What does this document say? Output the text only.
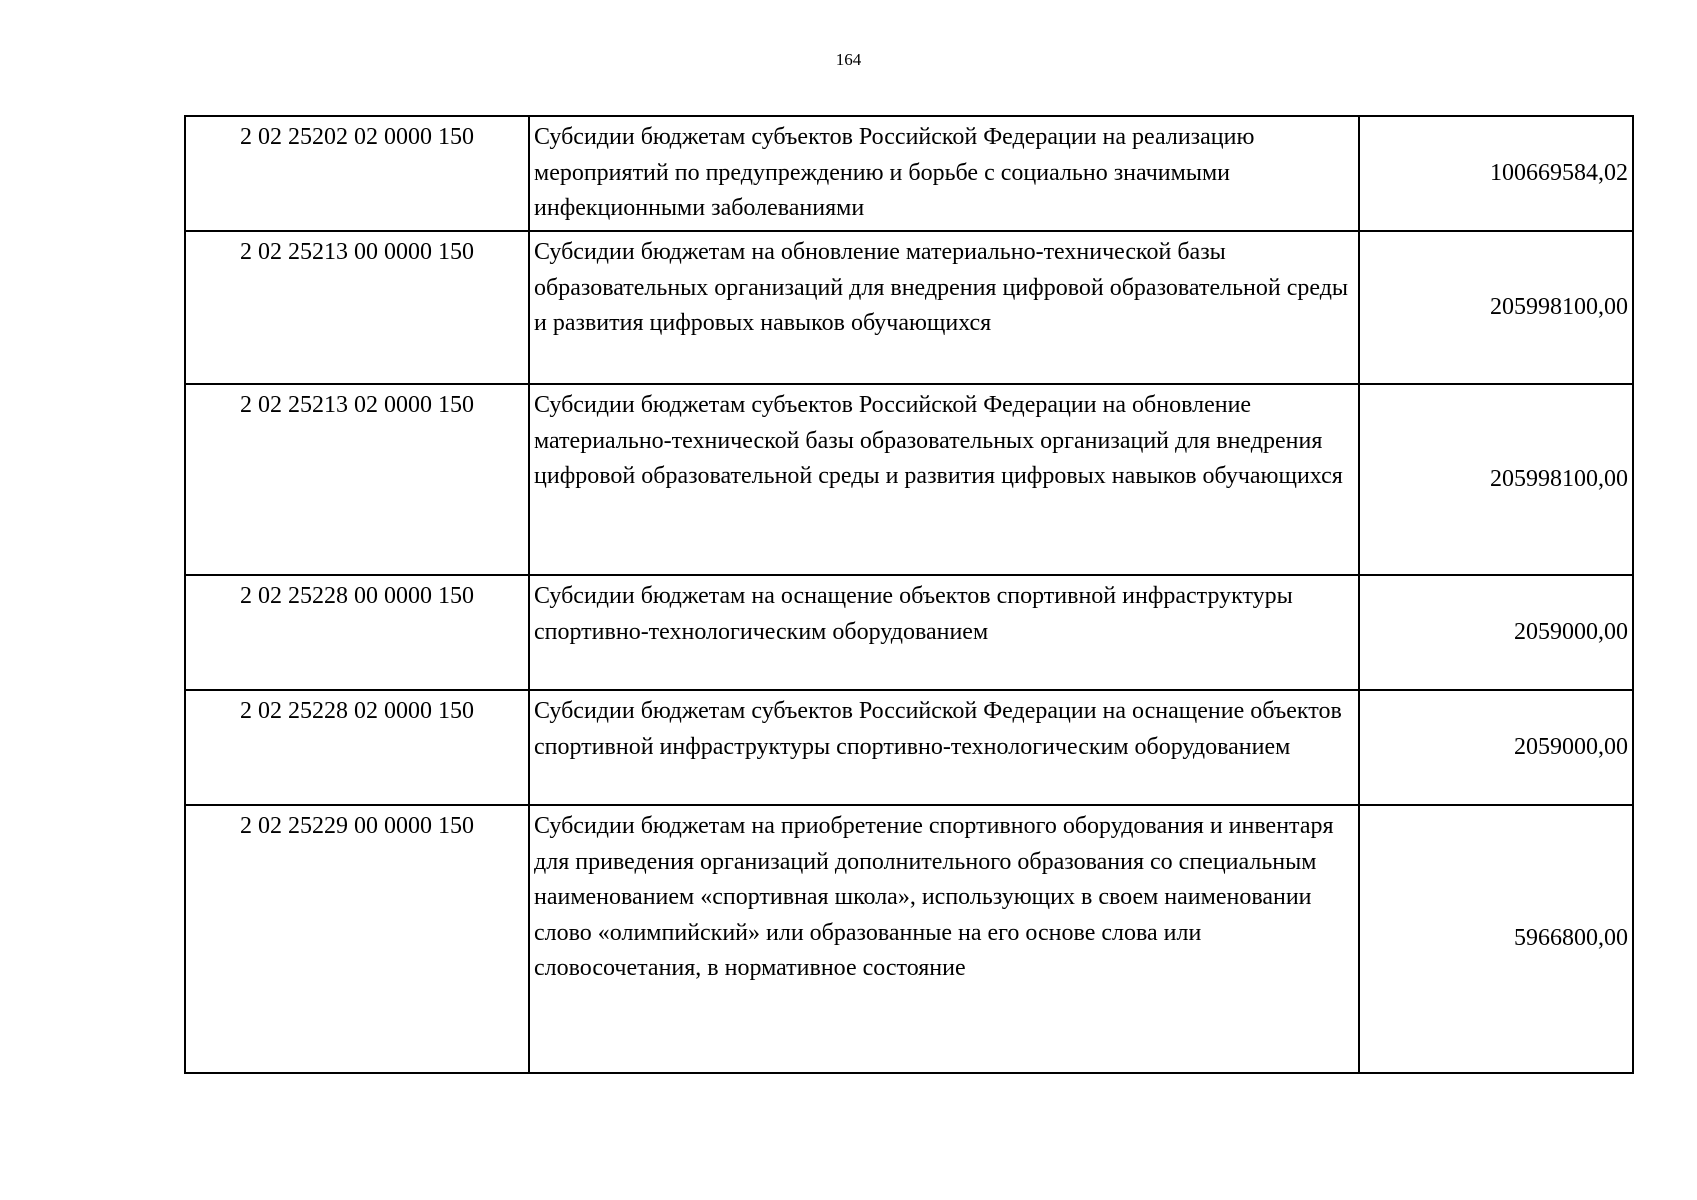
164
2 02 25202 02 0000 150	Субсидии бюджетам субъектов Российской Федерации на реализацию мероприятий по предупреждению и борьбе с социально значимыми инфекционными заболеваниями	100669584,02
2 02 25213 00 0000 150	Субсидии бюджетам на обновление материально-технической базы образовательных организаций для внедрения цифровой образовательной среды и развития цифровых навыков обучающихся	205998100,00
2 02 25213 02 0000 150	Субсидии бюджетам субъектов Российской Федерации на обновление материально-технической базы образовательных организаций для внедрения цифровой образовательной среды и развития цифровых навыков обучающихся	205998100,00
2 02 25228 00 0000 150	Субсидии бюджетам на оснащение объектов спортивной инфраструктуры спортивно-технологическим оборудованием	2059000,00
2 02 25228 02 0000 150	Субсидии бюджетам субъектов Российской Федерации на оснащение объектов спортивной инфраструктуры спортивно-технологическим оборудованием	2059000,00
2 02 25229 00 0000 150	Субсидии бюджетам на приобретение спортивного оборудования и инвентаря для приведения организаций дополнительного образования со специальным наименованием «спортивная школа», использующих в своем наименовании слово «олимпийский» или образованные на его основе слова или словосочетания, в нормативное состояние	5966800,00
